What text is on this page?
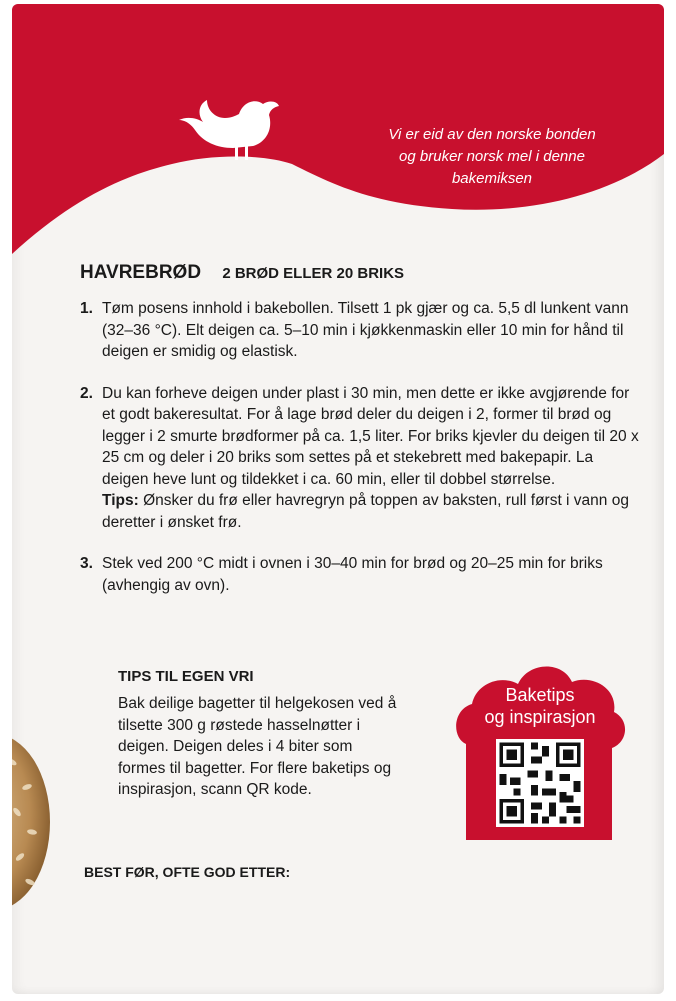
Vi er eid av den norske bonden
og bruker norsk mel i denne
bakemiksen

HAVREBRØD 2 BRØD ELLER 20 BRIKS
1. Tøm posens innhold i bakebollen. Tilsett 1 pk gjær og ca. 5,5 dl lunkent vann (32–36 °C). Elt deigen ca. 5–10 min i kjøkkenmaskin eller 10 min for hånd til deigen er smidig og elastisk.
2. Du kan forheve deigen under plast i 30 min, men dette er ikke avgjørende for et godt bakeresultat. For å lage brød deler du deigen i 2, former til brød og legger i 2 smurte brødformer på ca. 1,5 liter. For briks kjevler du deigen til 20 x 25 cm og deler i 20 briks som settes på et stekebrett med bakepapir. La deigen heve lunt og tildekket i ca. 60 min, eller til dobbel størrelse.
Tips: Ønsker du frø eller havregryn på toppen av baksten, rull først i vann og deretter i ønsket frø.
3. Stek ved 200 °C midt i ovnen i 30–40 min for brød og 20–25 min for briks (avhengig av ovn).
TIPS TIL EGEN VRI

Bak deilige bagetter til helgekosen ved å tilsette 300 g røstede hasselnøtter i deigen. Deigen deles i 4 biter som formes til bagetter. For flere baketips og inspirasjon, scann QR kode.

Baketips
og inspirasjon

BEST FØR, OFTE GOD ETTER:
